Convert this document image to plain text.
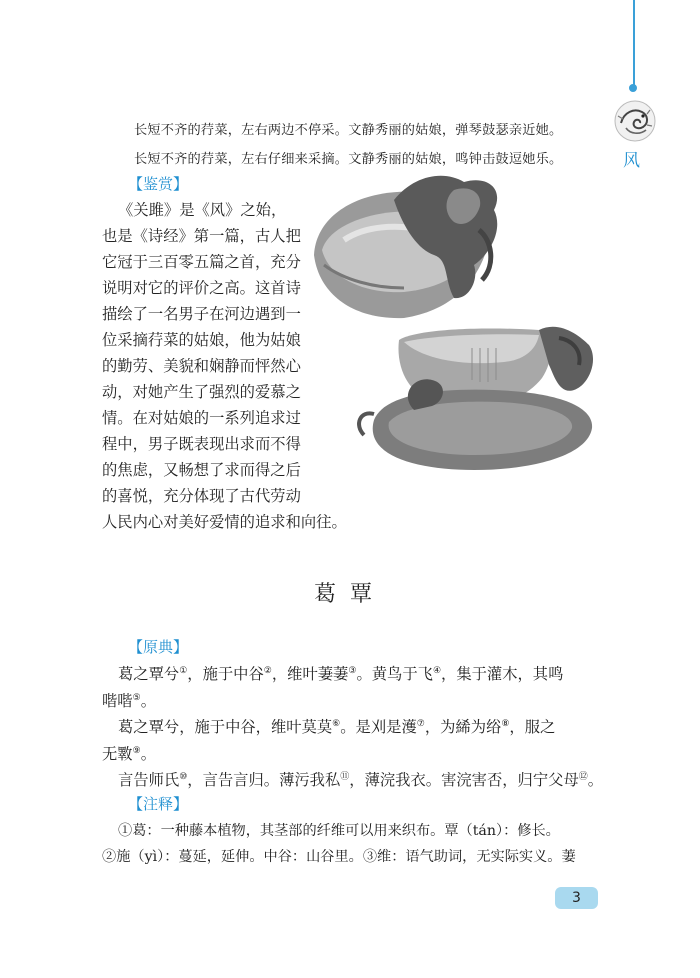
风
长短不齐的荇菜，左右两边不停采。文静秀丽的姑娘，弹琴鼓瑟亲近她。
长短不齐的荇菜，左右仔细来采摘。文静秀丽的姑娘，鸣钟击鼓逗她乐。
【鉴赏】
《关雎》是《风》之始，
也是《诗经》第一篇，古人把
它冠于三百零五篇之首，充分
说明对它的评价之高。这首诗
描绘了一名男子在河边遇到一
位采摘荇菜的姑娘，他为姑娘
的勤劳、美貌和娴静而怦然心
动，对她产生了强烈的爱慕之
情。在对姑娘的一系列追求过
程中，男子既表现出求而不得
的焦虑，又畅想了求而得之后
的喜悦，充分体现了古代劳动
人民内心对美好爱情的追求和向往。
葛覃
【原典】
葛之覃兮①，施于中谷②，维叶萋萋③。黄鸟于飞④，集于灌木，其鸣
喈喈⑤。
葛之覃兮，施于中谷，维叶莫莫⑥。是刈是濩⑦，为絺为绤⑧，服之
无斁⑨。
言告师氏⑩，言告言归。薄污我私⑪，薄浣我衣。害浣害否，归宁父母⑫。
【注释】
①葛：一种藤本植物，其茎部的纤维可以用来织布。覃（tán）：修长。
②施（yì）：蔓延，延伸。中谷：山谷里。③维：语气助词，无实际实义。萋
3
